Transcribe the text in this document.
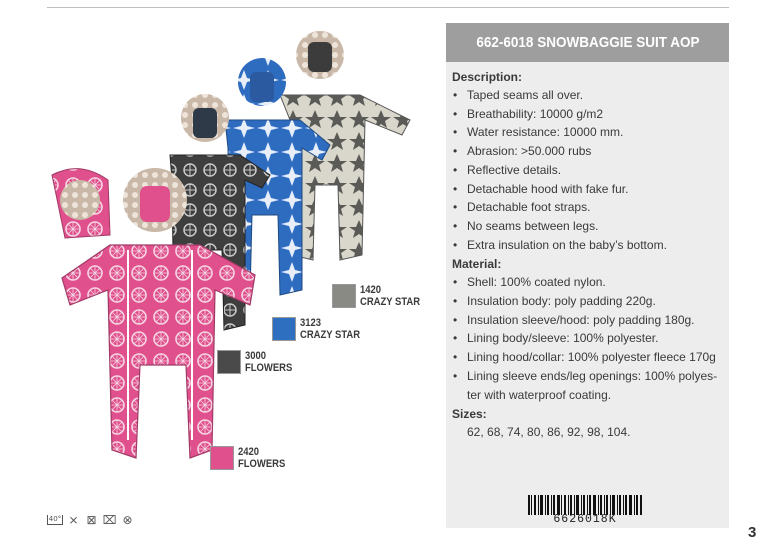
1420
CRAZY STAR
3123
CRAZY STAR
3000
FLOWERS
2420
FLOWERS
40° ⨯ ⊠ ⌧ ⊗
662-6018 SNOWBAGGIE SUIT AOP
Description:
• Taped seams all over.
• Breathability: 10000 g/m2
• Water resistance: 10000 mm.
• Abrasion: >50.000 rubs
• Reflective details.
• Detachable hood with fake fur.
• Detachable foot straps.
• No seams between legs.
• Extra insulation on the baby’s bottom.
Material:
• Shell: 100% coated nylon.
• Insulation body: poly padding 220g.
• Insulation sleeve/hood: poly padding 180g.
• Lining body/sleeve: 100% polyester.
• Lining hood/collar: 100% polyester fleece 170g
• Lining sleeve ends/leg openings: 100% polyes-ter with waterproof coating.
Sizes:
62, 68, 74, 80, 86, 92, 98, 104.
6626018K
3
